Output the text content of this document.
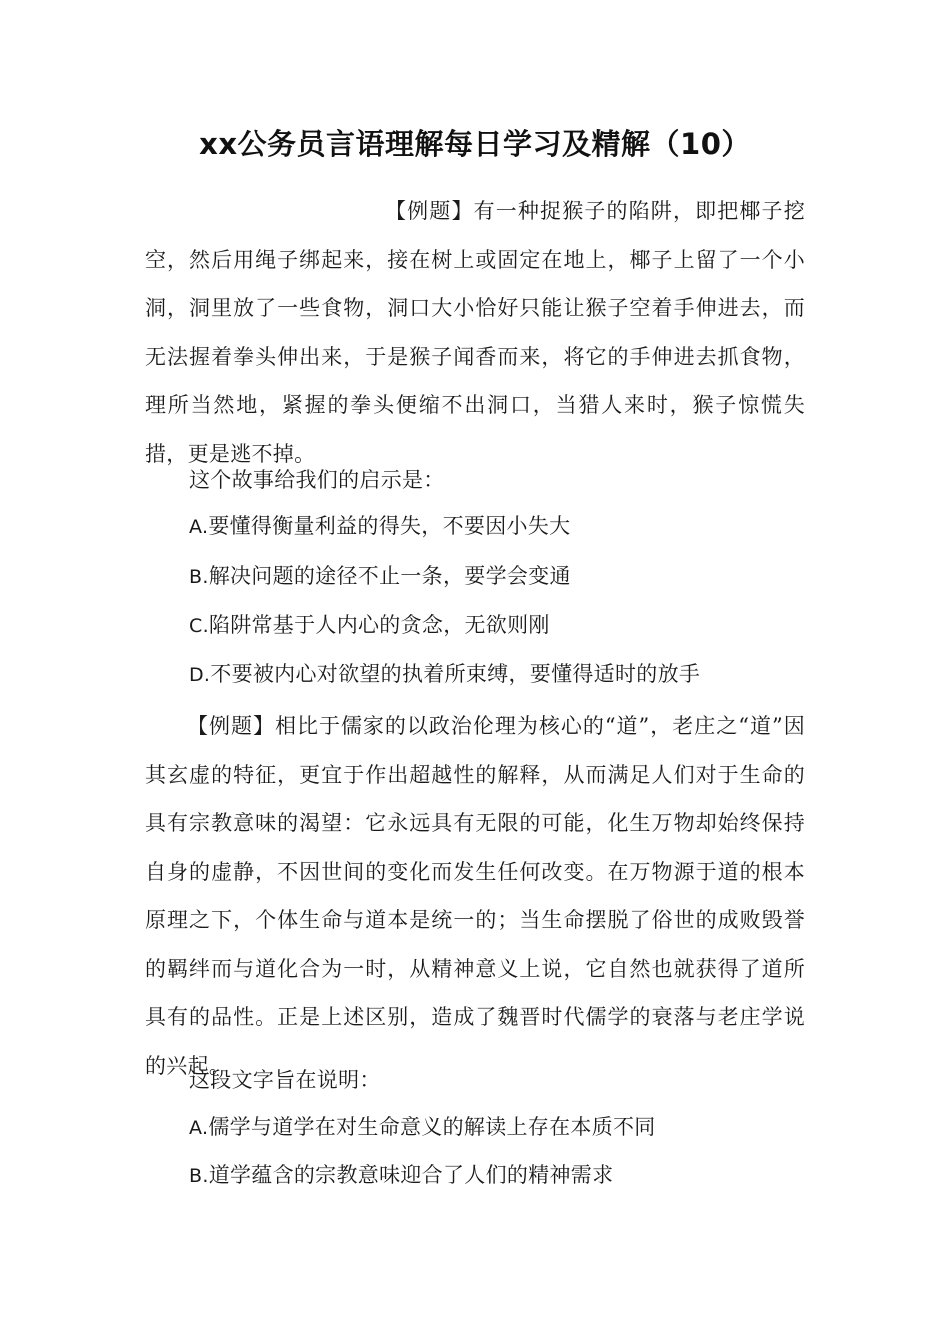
xx公务员言语理解每日学习及精解（10）

【例题】有一种捉猴子的陷阱，即把椰子挖空，然后用绳子绑起来，接在树上或固定在地上，椰子上留了一个小洞，洞里放了一些食物，洞口大小恰好只能让猴子空着手伸进去，而无法握着拳头伸出来，于是猴子闻香而来，将它的手伸进去抓食物，理所当然地，紧握的拳头便缩不出洞口，当猎人来时，猴子惊慌失措，更是逃不掉。

这个故事给我们的启示是：

A.要懂得衡量利益的得失，不要因小失大

B.解决问题的途径不止一条，要学会变通

C.陷阱常基于人内心的贪念，无欲则刚

D.不要被内心对欲望的执着所束缚，要懂得适时的放手

【例题】相比于儒家的以政治伦理为核心的“道”，老庄之“道”因其玄虚的特征，更宜于作出超越性的解释，从而满足人们对于生命的具有宗教意味的渴望：它永远具有无限的可能，化生万物却始终保持自身的虚静，不因世间的变化而发生任何改变。在万物源于道的根本原理之下，个体生命与道本是统一的；当生命摆脱了俗世的成败毁誉的羁绊而与道化合为一时，从精神意义上说，它自然也就获得了道所具有的品性。正是上述区别，造成了魏晋时代儒学的衰落与老庄学说的兴起。

这段文字旨在说明：

A.儒学与道学在对生命意义的解读上存在本质不同

B.道学蕴含的宗教意味迎合了人们的精神需求
